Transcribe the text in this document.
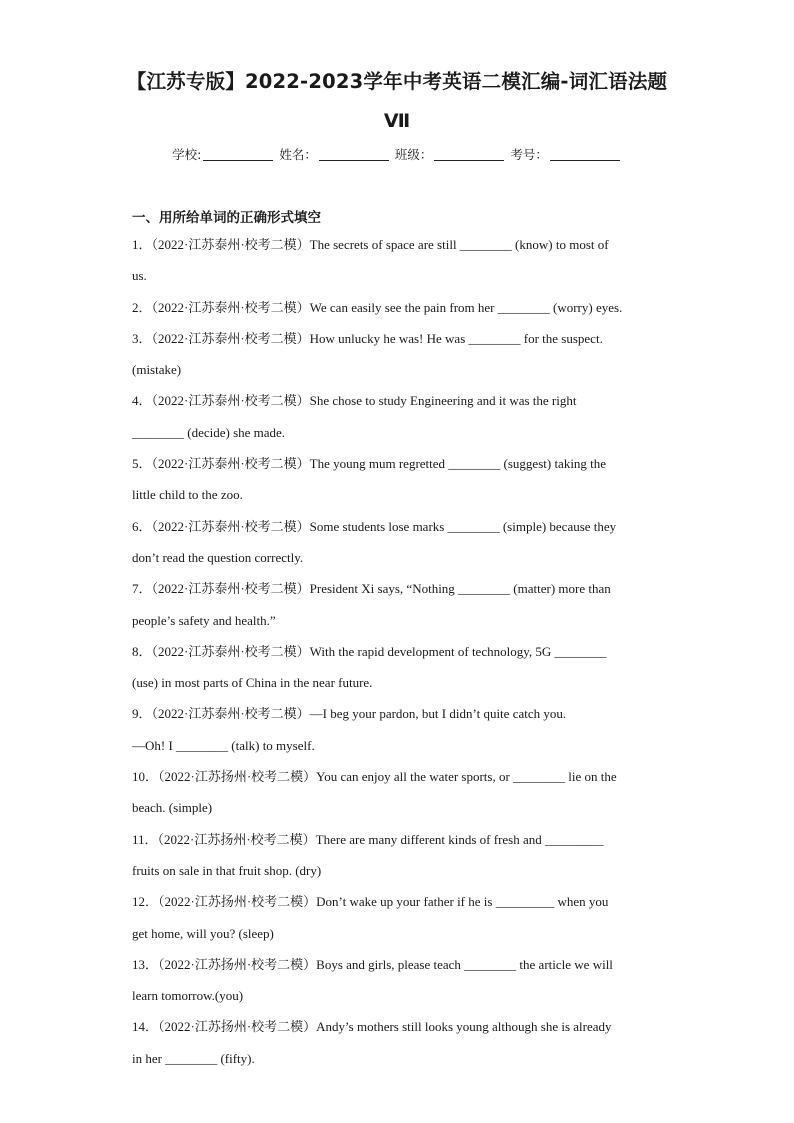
【江苏专版】2022-2023学年中考英语二模汇编-词汇语法题
Ⅶ
学校:	姓名：	班级：	考号：
一、用所给单词的正确形式填空
1．（2022·江苏泰州·校考二模）The secrets of space are still ________ (know) to most of
us.
2．（2022·江苏泰州·校考二模）We can easily see the pain from her ________ (worry) eyes.
3．（2022·江苏泰州·校考二模）How unlucky he was! He was ________ for the suspect.
(mistake)
4．（2022·江苏泰州·校考二模）She chose to study Engineering and it was the right
________ (decide) she made.
5．（2022·江苏泰州·校考二模）The young mum regretted ________ (suggest) taking the
little child to the zoo.
6．（2022·江苏泰州·校考二模）Some students lose marks ________ (simple) because they
don’t read the question correctly.
7．（2022·江苏泰州·校考二模）President Xi says, “Nothing ________ (matter) more than
people’s safety and health.”
8．（2022·江苏泰州·校考二模）With the rapid development of technology, 5G ________
(use) in most parts of China in the near future.
9．（2022·江苏泰州·校考二模）—I beg your pardon, but I didn’t quite catch you.
—Oh! I ________ (talk) to myself.
10．（2022·江苏扬州·校考二模）You can enjoy all the water sports, or ________ lie on the
beach. (simple)
11．（2022·江苏扬州·校考二模）There are many different kinds of fresh and _________
fruits on sale in that fruit shop. (dry)
12．（2022·江苏扬州·校考二模）Don’t wake up your father if he is _________ when you
get home, will you? (sleep)
13．（2022·江苏扬州·校考二模）Boys and girls, please teach ________ the article we will
learn tomorrow.(you)
14．（2022·江苏扬州·校考二模）Andy’s mothers still looks young although she is already
in her ________ (fifty).
